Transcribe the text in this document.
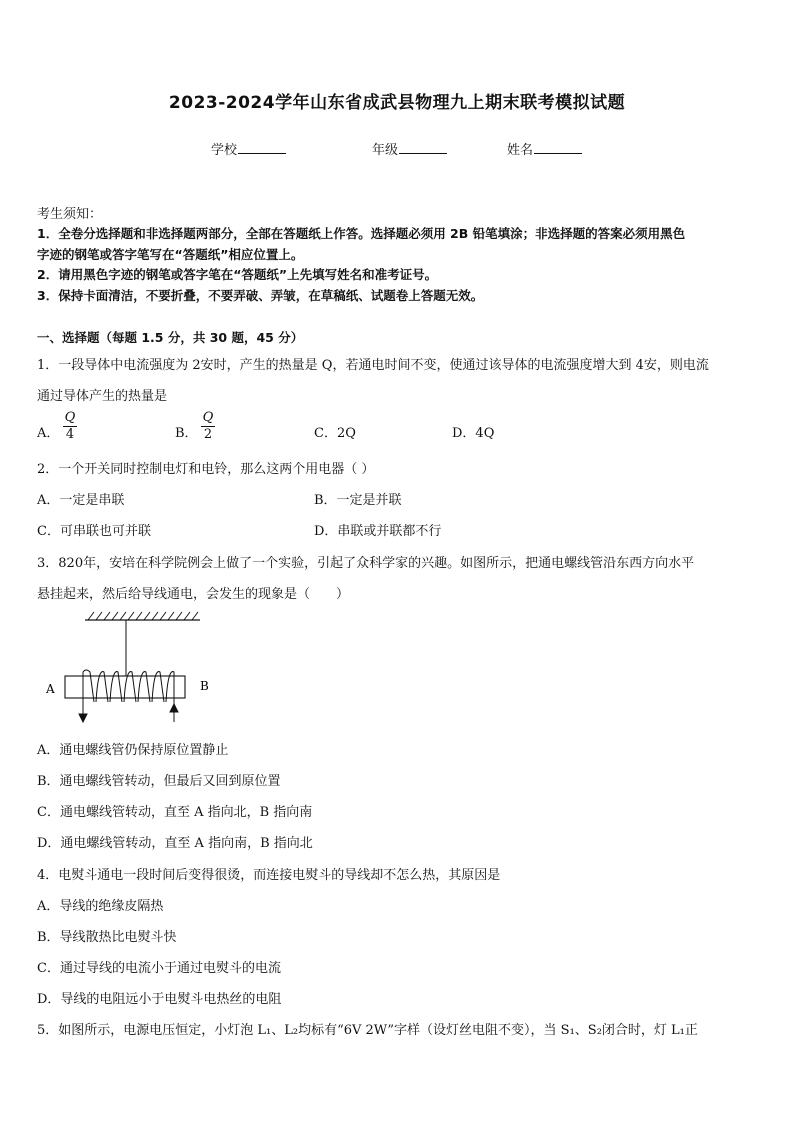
2023-2024学年山东省成武县物理九上期末联考模拟试题
学校	年级	姓名
考生须知：
1．全卷分选择题和非选择题两部分，全部在答题纸上作答。选择题必须用 2B 铅笔填涂；非选择题的答案必须用黑色
字迹的钢笔或答字笔写在“答题纸”相应位置上。
2．请用黑色字迹的钢笔或答字笔在“答题纸”上先填写姓名和准考证号。
3．保持卡面清洁，不要折叠，不要弄破、弄皱，在草稿纸、试题卷上答题无效。
一、选择题（每题 1.5 分，共 30 题，45 分）
1．一段导体中电流强度为 2安时，产生的热量是 Q，若通电时间不变，使通过该导体的电流强度增大到 4安，则电流
通过导体产生的热量是
A． $\frac{Q}{4}$	B． $\frac{Q}{2}$	C．2Q	D．4Q
2．一个开关同时控制电灯和电铃，那么这两个用电器（ ）
A．一定是串联	B．一定是并联
C．可串联也可并联	D．串联或并联都不行
3．820年，安培在科学院例会上做了一个实验，引起了众科学家的兴趣。如图所示，把通电螺线管沿东西方向水平
悬挂起来，然后给导线通电，会发生的现象是（　　）
A	B
A．通电螺线管仍保持原位置静止
B．通电螺线管转动，但最后又回到原位置
C．通电螺线管转动，直至 A 指向北，B 指向南
D．通电螺线管转动，直至 A 指向南，B 指向北
4．电熨斗通电一段时间后变得很烫，而连接电熨斗的导线却不怎么热，其原因是
A．导线的绝缘皮隔热
B．导线散热比电熨斗快
C．通过导线的电流小于通过电熨斗的电流
D．导线的电阻远小于电熨斗电热丝的电阻
5．如图所示，电源电压恒定，小灯泡 L₁、L₂均标有“6V 2W”字样（设灯丝电阻不变），当 S₁、S₂闭合时，灯 L₁正
